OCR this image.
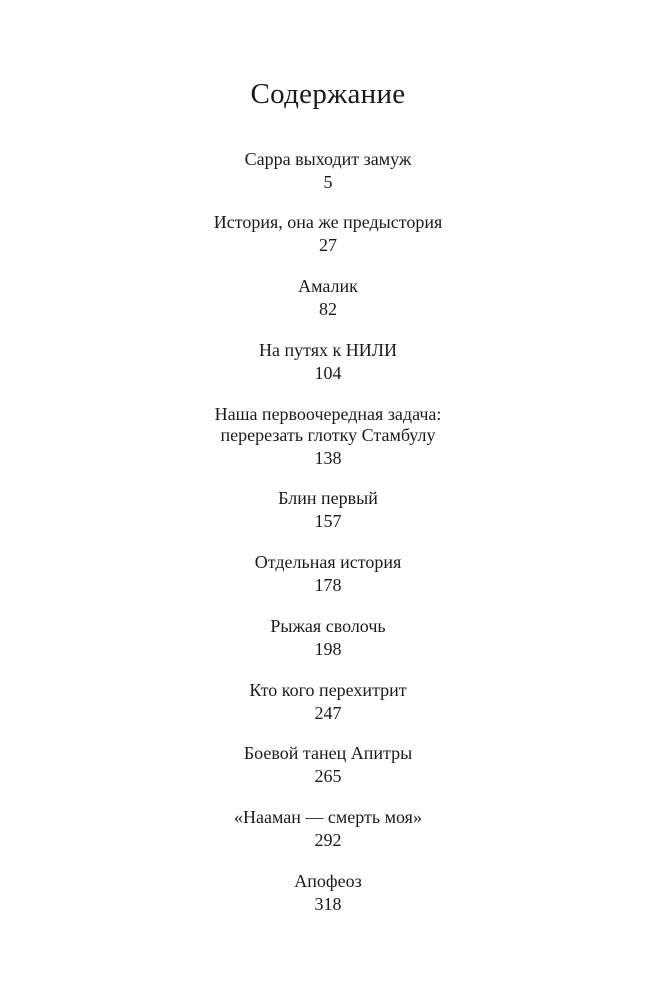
Содержание
Сарра выходит замуж
5
История, она же предыстория
27
Амалик
82
На путях к НИЛИ
104
Наша первоочередная задача:
перерезать глотку Стамбулу
138
Блин первый
157
Отдельная история
178
Рыжая сволочь
198
Кто кого перехитрит
247
Боевой танец Апитры
265
«Нааман — смерть моя»
292
Апофеоз
318
